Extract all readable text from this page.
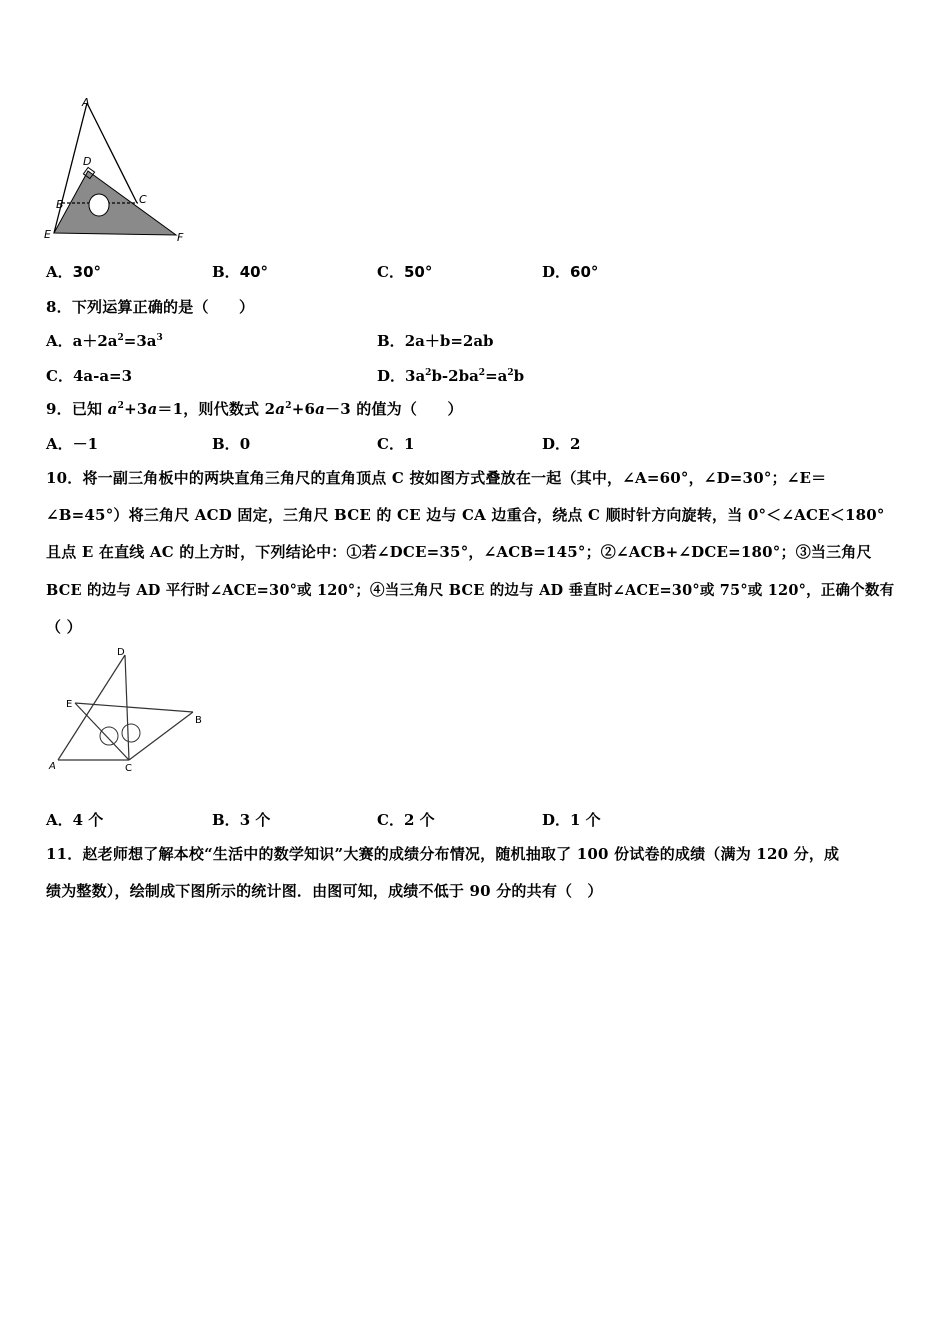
A
D
B	C
E	F
A．30°	B．40°	C．50°	D．60°
8．下列运算正确的是（　　）
A．$a+2a^2=3a^3$	B．2a＋b=2ab
C．4a-a=3	D．$3a^2b-2ba^2=a^2b$
9．已知 $a^2+3a=1$，则代数式 $2a^2+6a-3$ 的值为（　　）
A．－1	B．0	C．1	D．2
10．将一副三角板中的两块直角三角尺的直角顶点 C 按如图方式叠放在一起（其中，∠A=60°，∠D=30°；∠E＝
∠B=45°）将三角尺 ACD 固定，三角尺 BCE 的 CE 边与 CA 边重合，绕点 C 顺时针方向旋转，当 0°＜∠ACE＜180°
且点 E 在直线 AC 的上方时，下列结论中：①若∠DCE=35°，∠ACB=145°；②∠ACB+∠DCE=180°；③当三角尺
BCE 的边与 AD 平行时∠ACE=30°或 120°；④当三角尺 BCE 的边与 AD 垂直时∠ACE=30°或 75°或 120°，正确个数有
（ ）
D
E
B
A	C
A．4 个	B．3 个	C．2 个	D．1 个
11．赵老师想了解本校“生活中的数学知识”大赛的成绩分布情况，随机抽取了 100 份试卷的成绩（满为 120 分，成
绩为整数），绘制成下图所示的统计图．由图可知，成绩不低于 90 分的共有（　）
